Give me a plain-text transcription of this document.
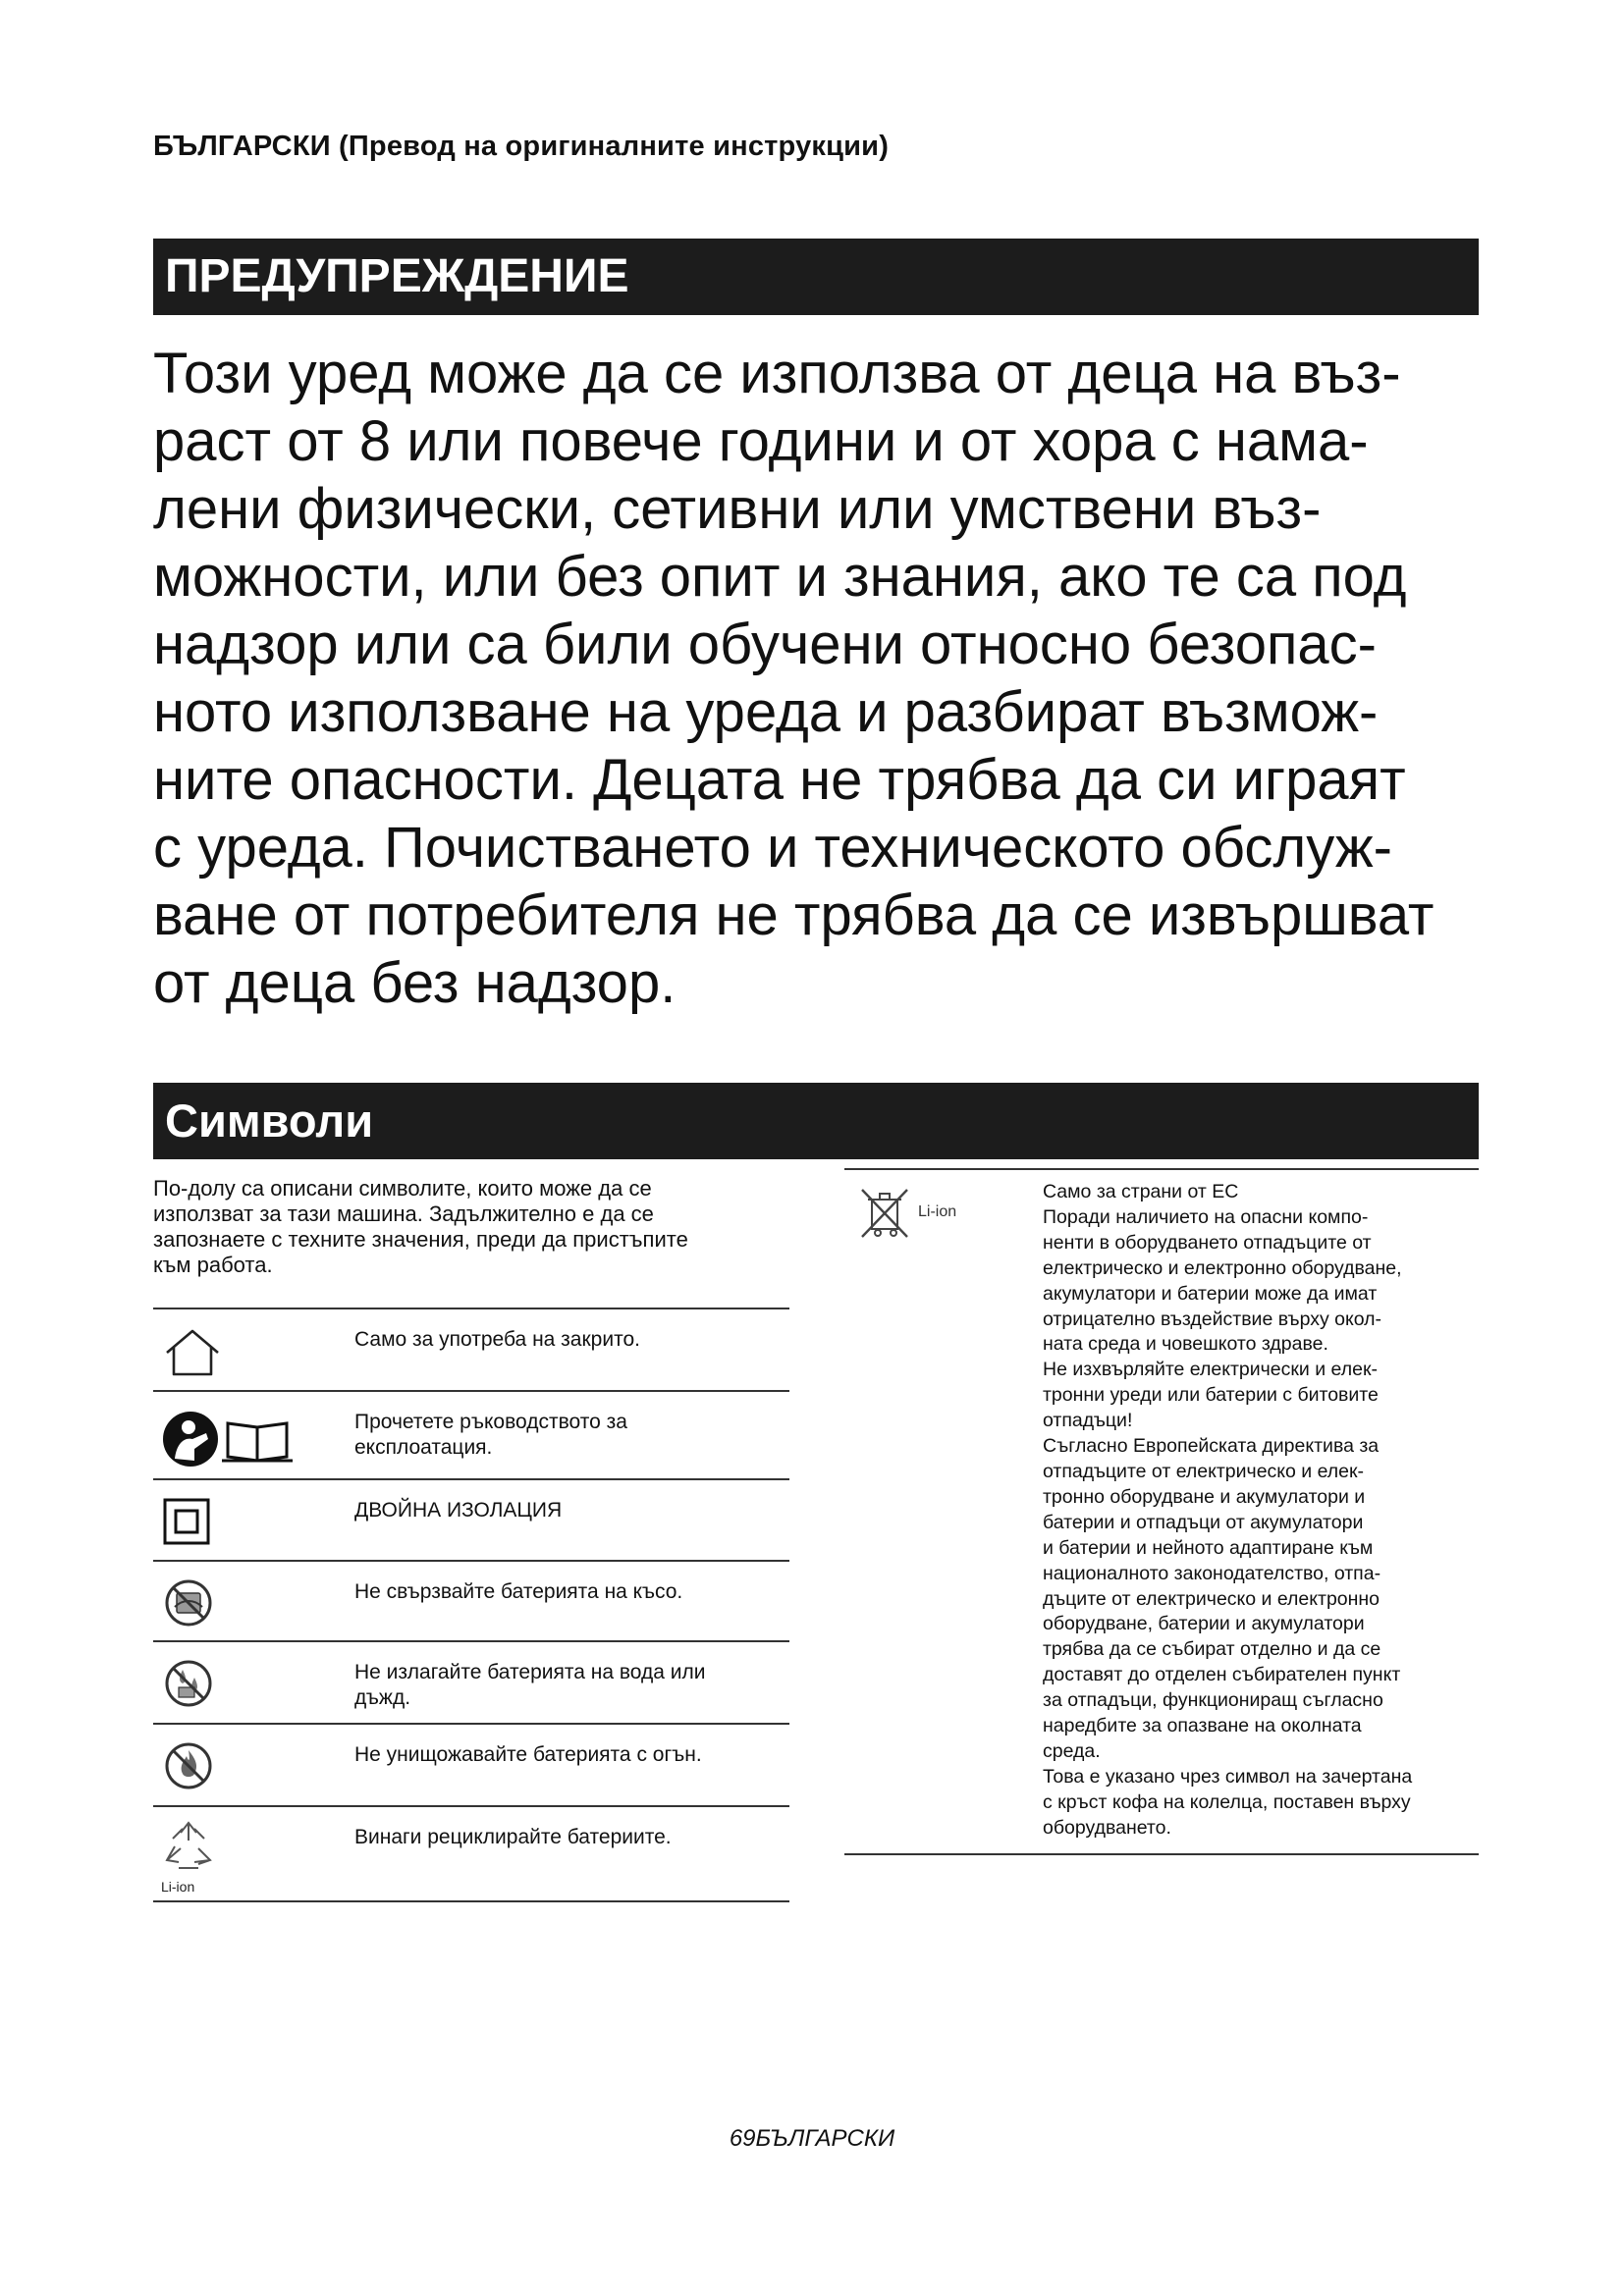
БЪЛГАРСКИ (Превод на оригиналните инструкции)
ПРЕДУПРЕЖДЕНИЕ
Този уред може да се използва от деца на въз-
раст от 8 или повече години и от хора с нама-
лени физически, сетивни или умствени въз-
можности, или без опит и знания, ако те са под
надзор или са били обучени относно безопас-
ното използване на уреда и разбират възмож-
ните опасности. Децата не трябва да си играят
с уреда. Почистването и техническото обслуж-
ване от потребителя не трябва да се извършват
от деца без надзор.
Символи
По-долу са описани символите, които може да се
използват за тази машина. Задължително е да се
запознаете с техните значения, преди да пристъпите
към работа.
Само за употреба на закрито.
Прочетете ръководството за експлоатация.
ДВОЙНА ИЗОЛАЦИЯ
Не свързвайте батерията на късо.
Не излагайте батерията на вода или дъжд.
Не унищожавайте батерията с огън.
Li-ion
Винаги рециклирайте батериите.
Li-ion
Само за страни от ЕС
Поради наличието на опасни компо-
ненти в оборудването отпадъците от
електрическо и електронно оборудване,
акумулатори и батерии може да имат
отрицателно въздействие върху окол-
ната среда и човешкото здраве.
Не изхвърляйте електрически и елек-
тронни уреди или батерии с битовите
отпадъци!
Съгласно Европейската директива за
отпадъците от електрическо и елек-
тронно оборудване и акумулатори и
батерии и отпадъци от акумулатори
и батерии и нейното адаптиране към
националното законодателство, отпа-
дъците от електрическо и електронно
оборудване, батерии и акумулатори
трябва да се събират отделно и да се
доставят до отделен събирателен пункт
за отпадъци, функциониращ съгласно
наредбите за опазване на околната
среда.
Това е указано чрез символ на зачертана
с кръст кофа на колелца, поставен върху
оборудването.
69БЪЛГАРСКИ
